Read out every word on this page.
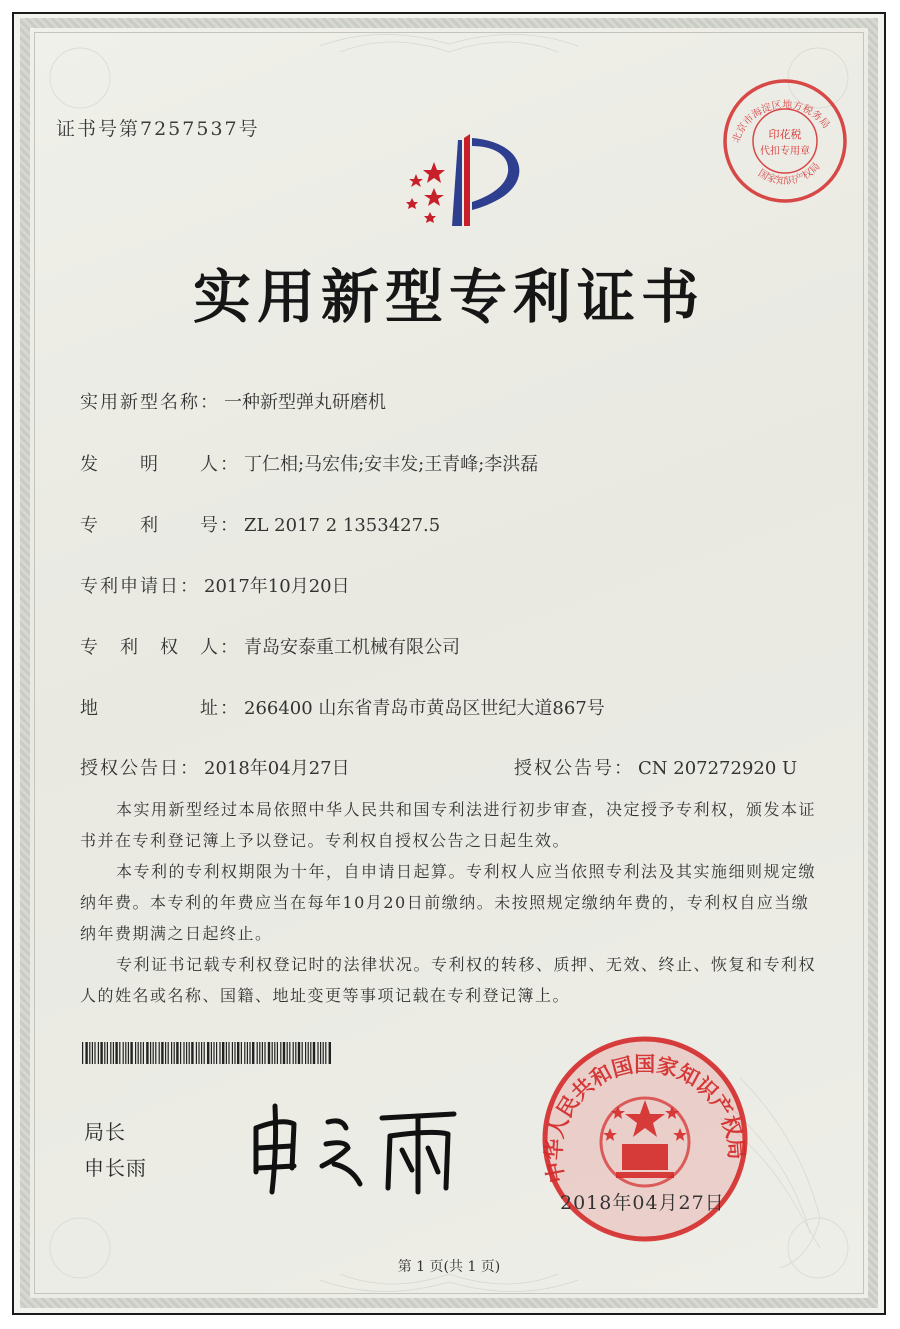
北京市海淀区地方税务局
国家知识产权局
印花税
代扣专用章
证书号第7257537号
实用新型专利证书
实用新型名称： 一种新型弹丸研磨机
发　　明　　人： 丁仁相;马宏伟;安丰发;王青峰;李洪磊
专　　利　　号： ZL 2017 2 1353427.5
专利申请日： 2017年10月20日
专　利　权　人： 青岛安泰重工机械有限公司
地　　　　　址： 266400 山东省青岛市黄岛区世纪大道867号
授权公告日： 2018年04月27日	授权公告号： CN 207272920 U

本实用新型经过本局依照中华人民共和国专利法进行初步审查，决定授予专利权，颁发本证书并在专利登记簿上予以登记。专利权自授权公告之日起生效。

本专利的专利权期限为十年，自申请日起算。专利权人应当依照专利法及其实施细则规定缴纳年费。本专利的年费应当在每年10月20日前缴纳。未按照规定缴纳年费的，专利权自应当缴纳年费期满之日起终止。

专利证书记载专利权登记时的法律状况。专利权的转移、质押、无效、终止、恢复和专利权人的姓名或名称、国籍、地址变更等事项记载在专利登记簿上。

局长
申长雨	中华人民共和国国家知识产权局
2018年04月27日
第 1 页(共 1 页)
